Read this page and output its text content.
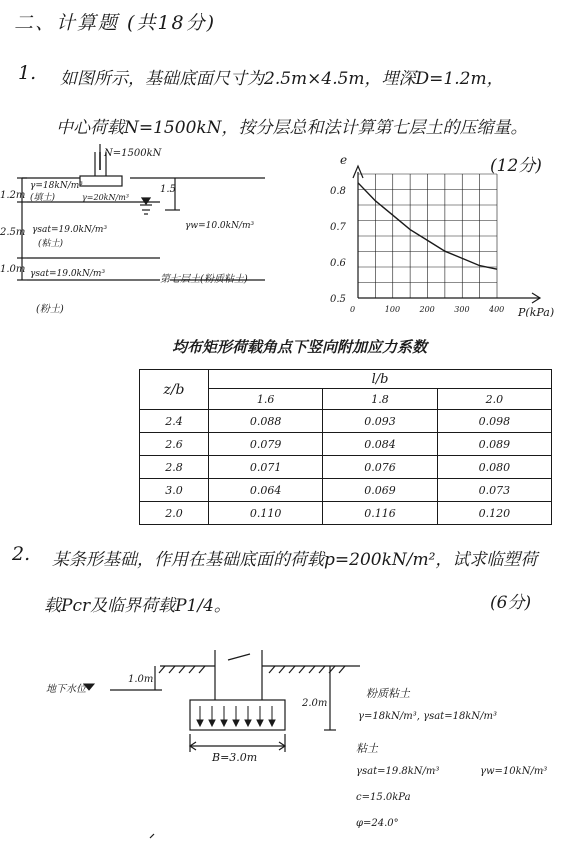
二、计算题 (共18分)
1. 如图所示，基础底面尺寸为2.5m×4.5m，埋深D=1.2m，
中心荷载N=1500kN，按分层总和法计算第七层土的压缩量。
(12分)
N=1500kN
1.2m
γ=18kN/m³
(填土)	γ=20kN/m³
1.5
γw=10.0kN/m³
2.5m γsat=19.0kN/m³
(粘土)
1.0m γsat=19.0kN/m³	第七层土(粉质粘土)
(粉土)
0.8
0.7
0.6
0.5
0	100 200 300 400
e
P(kPa)
均布矩形荷载角点下竖向附加应力系数
z/b	l/b		
	1.6	1.8	2.0
2.4	0.088	0.093	0.098
2.6	0.079	0.084	0.089
2.8	0.071	0.076	0.080
3.0	0.064	0.069	0.073
2.0	0.110	0.116	0.120
2. 某条形基础，作用在基础底面的荷载p=200kN/m²，试求临塑荷
载Pcr及临界荷载P1/4。	(6分)
地下水位
1.0m
2.0m
B=3.0m
粉质粘土
γ=18kN/m³, γsat=18kN/m³
粘土
γsat=19.8kN/m³	γw=10kN/m³
c=15.0kPa
φ=24.0°
